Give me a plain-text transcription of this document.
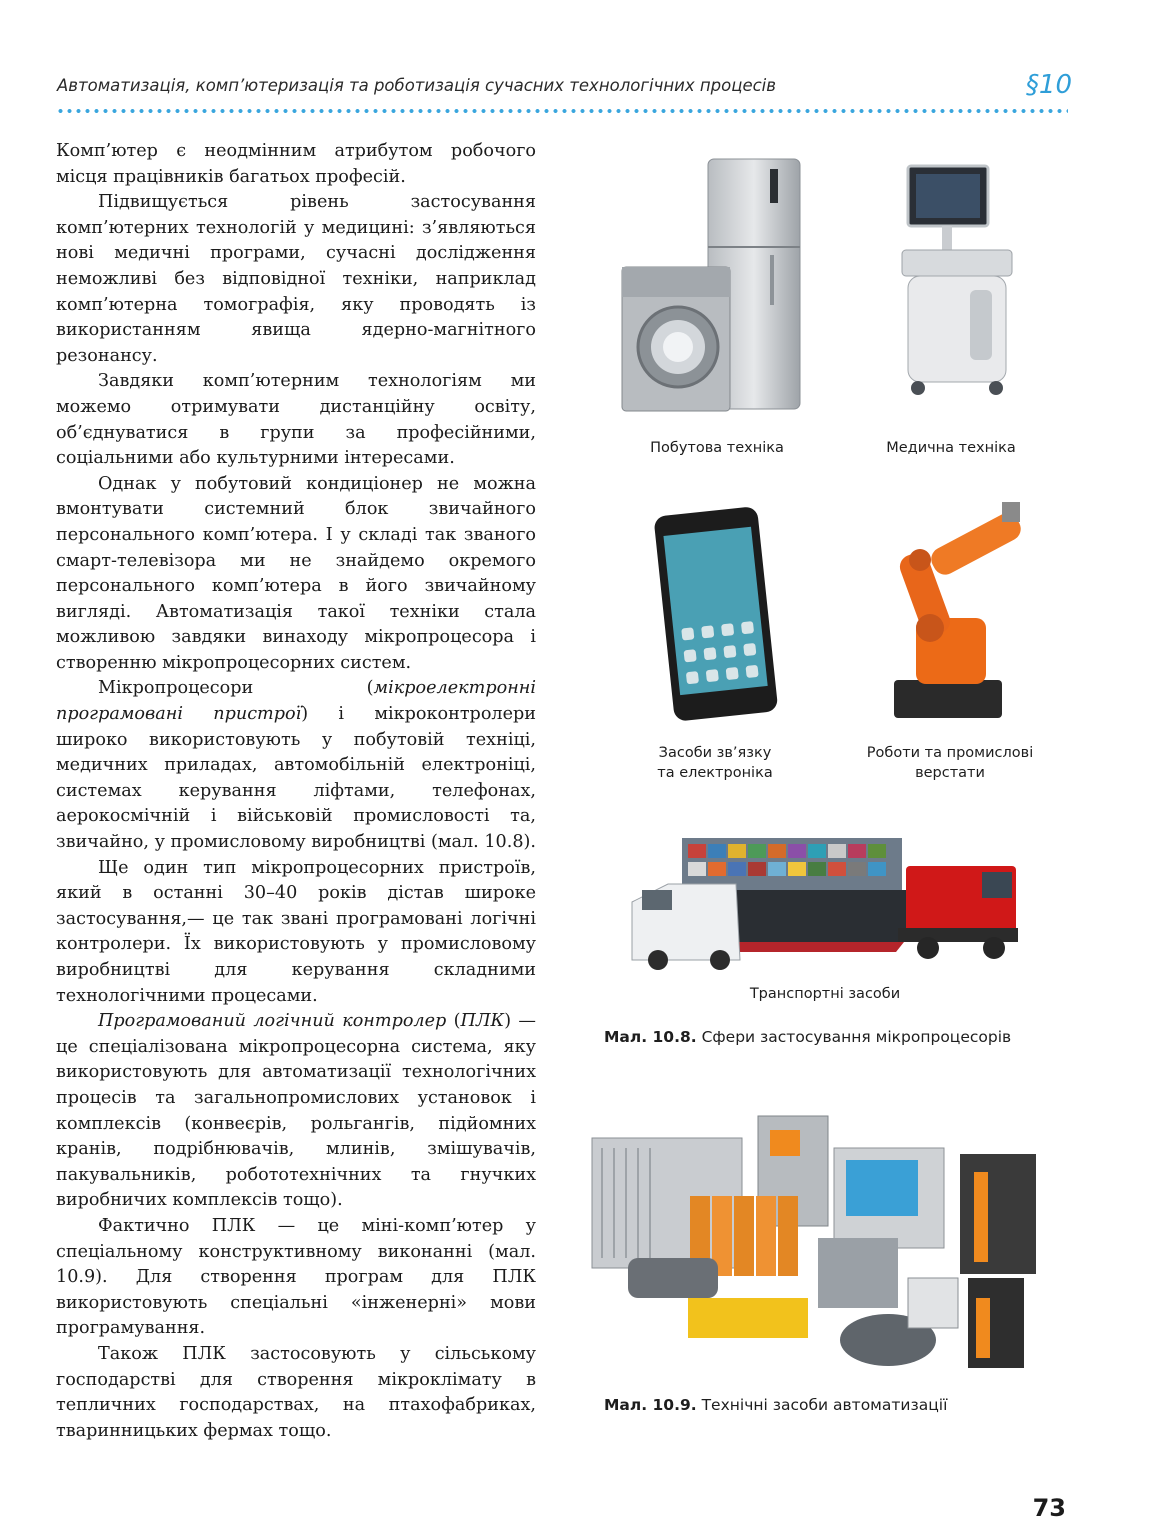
Автоматизація, комп’ютеризація та роботизація сучасних технологічних процесів	§10

Комп’ютер є неодмінним атрибутом робочого місця працівників багатьох професій.

Підвищується рівень застосування комп’ютерних технологій у медицині: з’являються нові медичні програми, сучасні дослідження неможливі без відповідної техніки, наприклад комп’ютерна томографія, яку проводять із використанням явища ядерно-магнітного резонансу.

Завдяки комп’ютерним технологіям ми можемо отримувати дистанційну освіту, об’єднуватися в групи за професійними, соціальними або культурними інтересами.

Однак у побутовий кондиціонер не можна вмонтувати системний блок звичайного персонального комп’ютера. І у складі так званого смарт-телевізора ми не знайдемо окремого персонального комп’ютера в його звичайному вигляді. Автоматизація такої техніки стала можливою завдяки винаходу мікропроцесора і створенню мікропроцесорних систем.

Мікропроцесори (мікроелектронні програмовані пристрої) і мікроконтролери широко використовують у побутовій техніці, медичних приладах, автомобільній електроніці, системах керування ліфтами, телефонах, аерокосмічній і військовій промисловості та, звичайно, у промисловому виробництві (мал. 10.8).

Ще один тип мікропроцесорних пристроїв, який в останні 30–40 років дістав широке застосування,— це так звані програмовані логічні контролери. Їх використовують у промисловому виробництві для керування складними технологічними процесами.

Програмований логічний контролер (ПЛК) — це спеціалізована мікропроцесорна система, яку використовують для автоматизації технологічних процесів та загальнопромислових установок і комплексів (конвеєрів, рольгангів, підйомних кранів, подрібнювачів, млинів, змішувачів, пакувальників, робототехнічних та гнучких виробничих комплексів тощо).

Фактично ПЛК — це міні-комп’ютер у спеціальному конструктивному виконанні (мал. 10.9). Для створення програм для ПЛК використовують спеціальні «інженерні» мови програмування.

Також ПЛК застосовують у сільському господарстві для створення мікроклімату в тепличних господарствах, на птахофабриках, тваринницьких фермах тощо.

Побутова техніка	Медична техніка
Засоби зв’язку
та електроніка
Роботи та промислові
верстати
Транспортні засоби
Мал. 10.8. Сфери застосування мікропроцесорів
Мал. 10.9. Технічні засоби автоматизації
73
